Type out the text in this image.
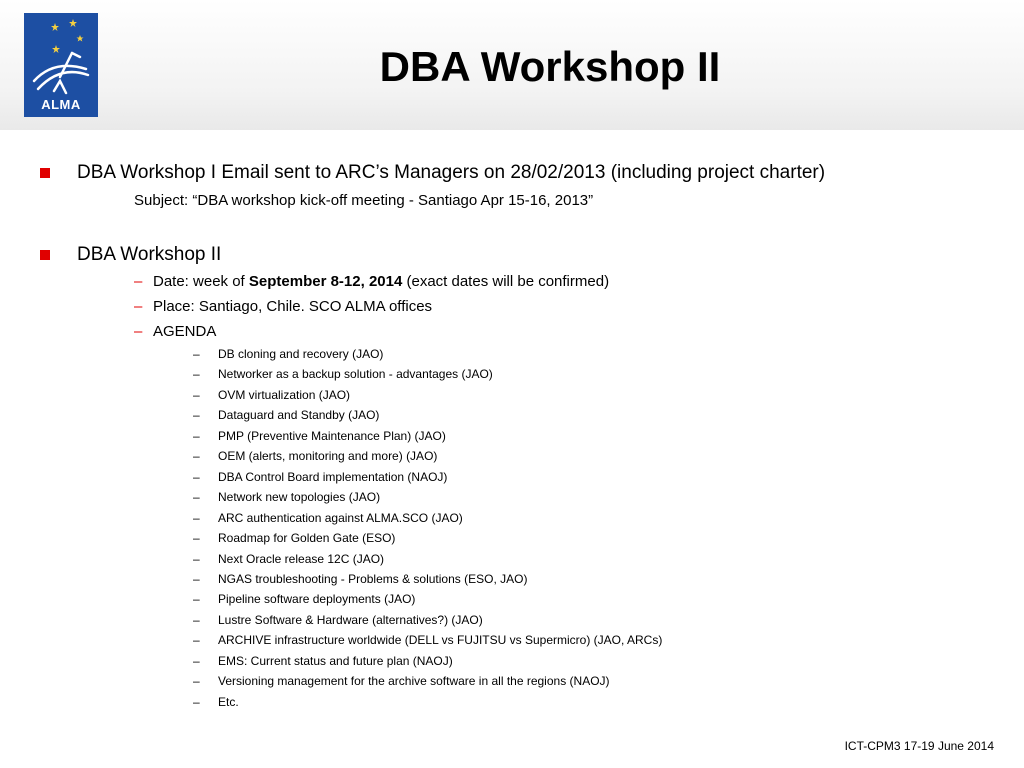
ALMA
DBA Workshop II
DBA Workshop I Email sent to ARC’s Managers on 28/02/2013 (including project charter)
Subject: “DBA workshop kick-off meeting - Santiago Apr 15-16, 2013”
DBA Workshop II
– Date: week of September 8-12, 2014 (exact dates will be confirmed)
– Place: Santiago, Chile. SCO ALMA offices
– AGENDA
– DB cloning and recovery (JAO)
– Networker as a backup solution - advantages (JAO)
– OVM virtualization (JAO)
– Dataguard and Standby (JAO)
– PMP (Preventive Maintenance Plan) (JAO)
– OEM (alerts, monitoring and more) (JAO)
– DBA Control Board implementation (NAOJ)
– Network new topologies (JAO)
– ARC authentication against ALMA.SCO (JAO)
– Roadmap for Golden Gate (ESO)
– Next Oracle release 12C (JAO)
– NGAS troubleshooting - Problems & solutions (ESO, JAO)
– Pipeline software deployments (JAO)
– Lustre Software & Hardware (alternatives?) (JAO)
– ARCHIVE infrastructure worldwide (DELL vs FUJITSU vs Supermicro) (JAO, ARCs)
– EMS: Current status and future plan (NAOJ)
– Versioning management for the archive software in all the regions (NAOJ)
– Etc.
ICT-CPM3 17-19 June 2014
